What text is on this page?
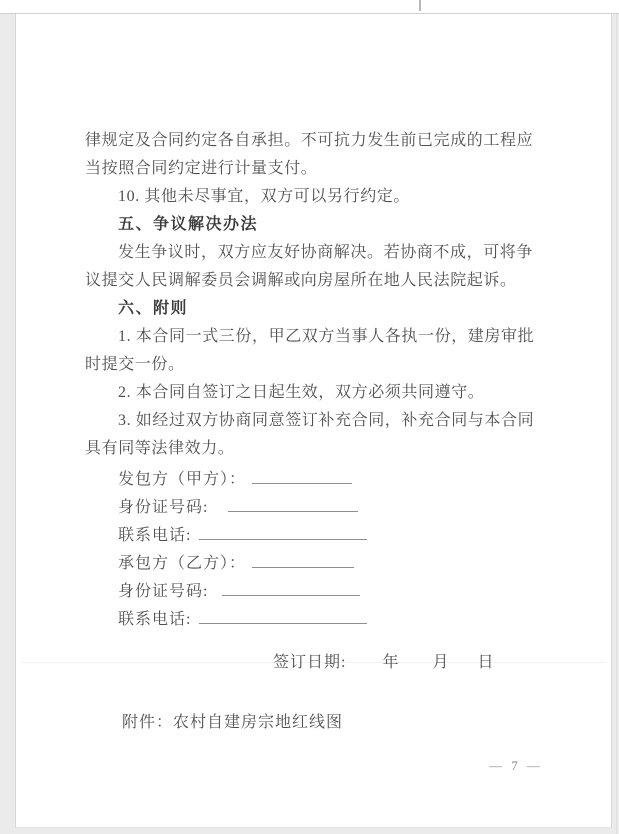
律规定及合同约定各自承担。不可抗力发生前已完成的工程应

当按照合同约定进行计量支付。

10. 其他未尽事宜，双方可以另行约定。

五、争议解决办法

发生争议时，双方应友好协商解决。若协商不成，可将争

议提交人民调解委员会调解或向房屋所在地人民法院起诉。

六、附则

1. 本合同一式三份，甲乙双方当事人各执一份，建房审批

时提交一份。

2. 本合同自签订之日起生效，双方必须共同遵守。

3. 如经过双方协商同意签订补充合同，补充合同与本合同

具有同等法律效力。

发包方（甲方）：
身份证号码:
联系电话:
承包方（乙方）：
身份证号码:
联系电话:
签订日期: 年 月 日
附件：农村自建房宗地红线图
— 7 —
